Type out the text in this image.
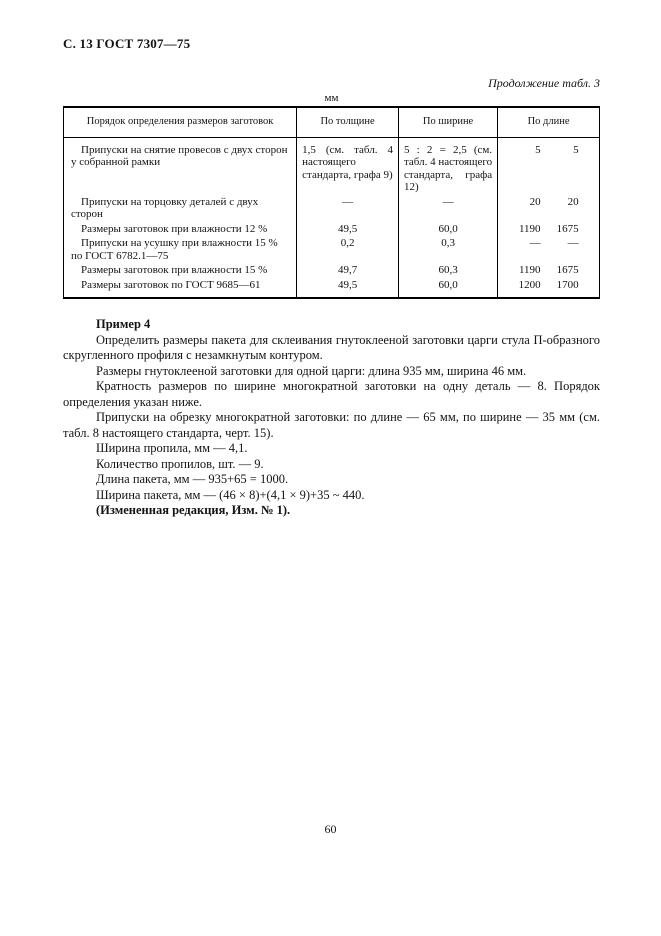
С. 13 ГОСТ 7307—75
Продолжение табл. 3
мм
Порядок определения размеров заготовок	По толщине	По ширине	По длине
Припуски на снятие провесов с двух сторон у собранной рамки	1,5 (см. табл. 4 настоящего стандарта, графа 9)	5 : 2 = 2,5 (см. табл. 4 настоящего стандарта, графа 12)	5 5

Припуски на торцовку деталей с двух сторон	—	—	20 20

Размеры заготовок при влажности 12 %	49,5	60,0	1190 1675

Припуски на усушку при влажности 15 % по ГОСТ 6782.1—75	0,2	0,3	— —

Размеры заготовок при влажности 15 %	49,7	60,3	1190 1675

Размеры заготовок по ГОСТ 9685—61	49,5	60,0	1200 1700
Пример 4

Определить размеры пакета для склеивания гнутоклееной заготовки царги стула П-образного скругленного профиля с незамкнутым контуром.

Размеры гнутоклееной заготовки для одной царги: длина 935 мм, ширина 46 мм.

Кратность размеров по ширине многократной заготовки на одну деталь — 8. Порядок определения указан ниже.

Припуски на обрезку многократной заготовки: по длине — 65 мм, по ширине — 35 мм (см. табл. 8 настоящего стандарта, черт. 15).

Ширина пропила, мм — 4,1.

Количество пропилов, шт. — 9.

Длина пакета, мм — 935+65 = 1000.

Ширина пакета, мм — (46 × 8)+(4,1 × 9)+35 ~ 440.

(Измененная редакция, Изм. № 1).

60
